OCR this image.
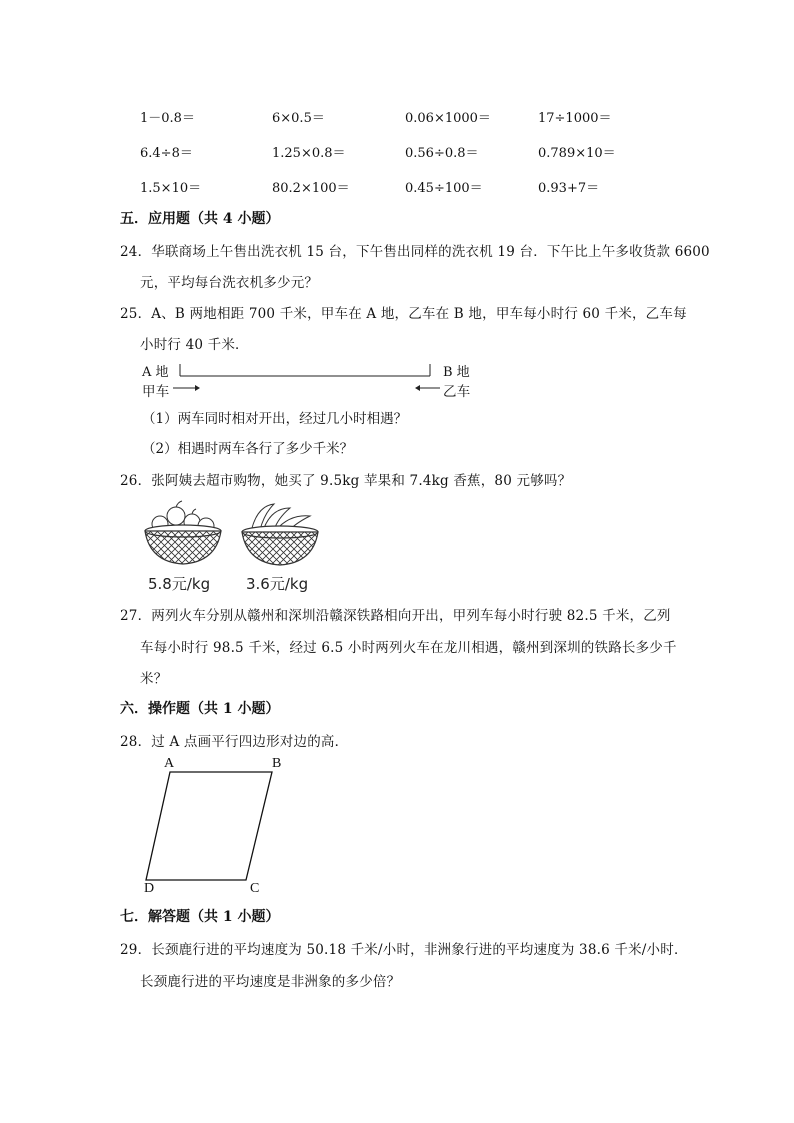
1－0.8＝	6×0.5＝	0.06×1000＝	17÷1000＝
6.4÷8＝	1.25×0.8＝	0.56÷0.8＝	0.789×10＝
1.5×10＝	80.2×100＝	0.45÷100＝	0.93+7＝
五．应用题（共 4 小题）
24．华联商场上午售出洗衣机 15 台，下午售出同样的洗衣机 19 台．下午比上午多收货款 6600
元，平均每台洗衣机多少元？
25．A、B 两地相距 700 千米，甲车在 A 地，乙车在 B 地，甲车每小时行 60 千米，乙车每
小时行 40 千米．
A 地	B 地
甲车	乙车
（1）两车同时相对开出，经过几小时相遇？
（2）相遇时两车各行了多少千米？
26．张阿姨去超市购物，她买了 9.5kg 苹果和 7.4kg 香蕉，80 元够吗？
5.8元/kg 3.6元/kg
27．两列火车分别从赣州和深圳沿赣深铁路相向开出，甲列车每小时行驶 82.5 千米，乙列
车每小时行 98.5 千米，经过 6.5 小时两列火车在龙川相遇，赣州到深圳的铁路长多少千
米？
六．操作题（共 1 小题）
28．过 A 点画平行四边形对边的高．
A	B
C
D
七．解答题（共 1 小题）
29．长颈鹿行进的平均速度为 50.18 千米/小时，非洲象行进的平均速度为 38.6 千米/小时．
长颈鹿行进的平均速度是非洲象的多少倍？
